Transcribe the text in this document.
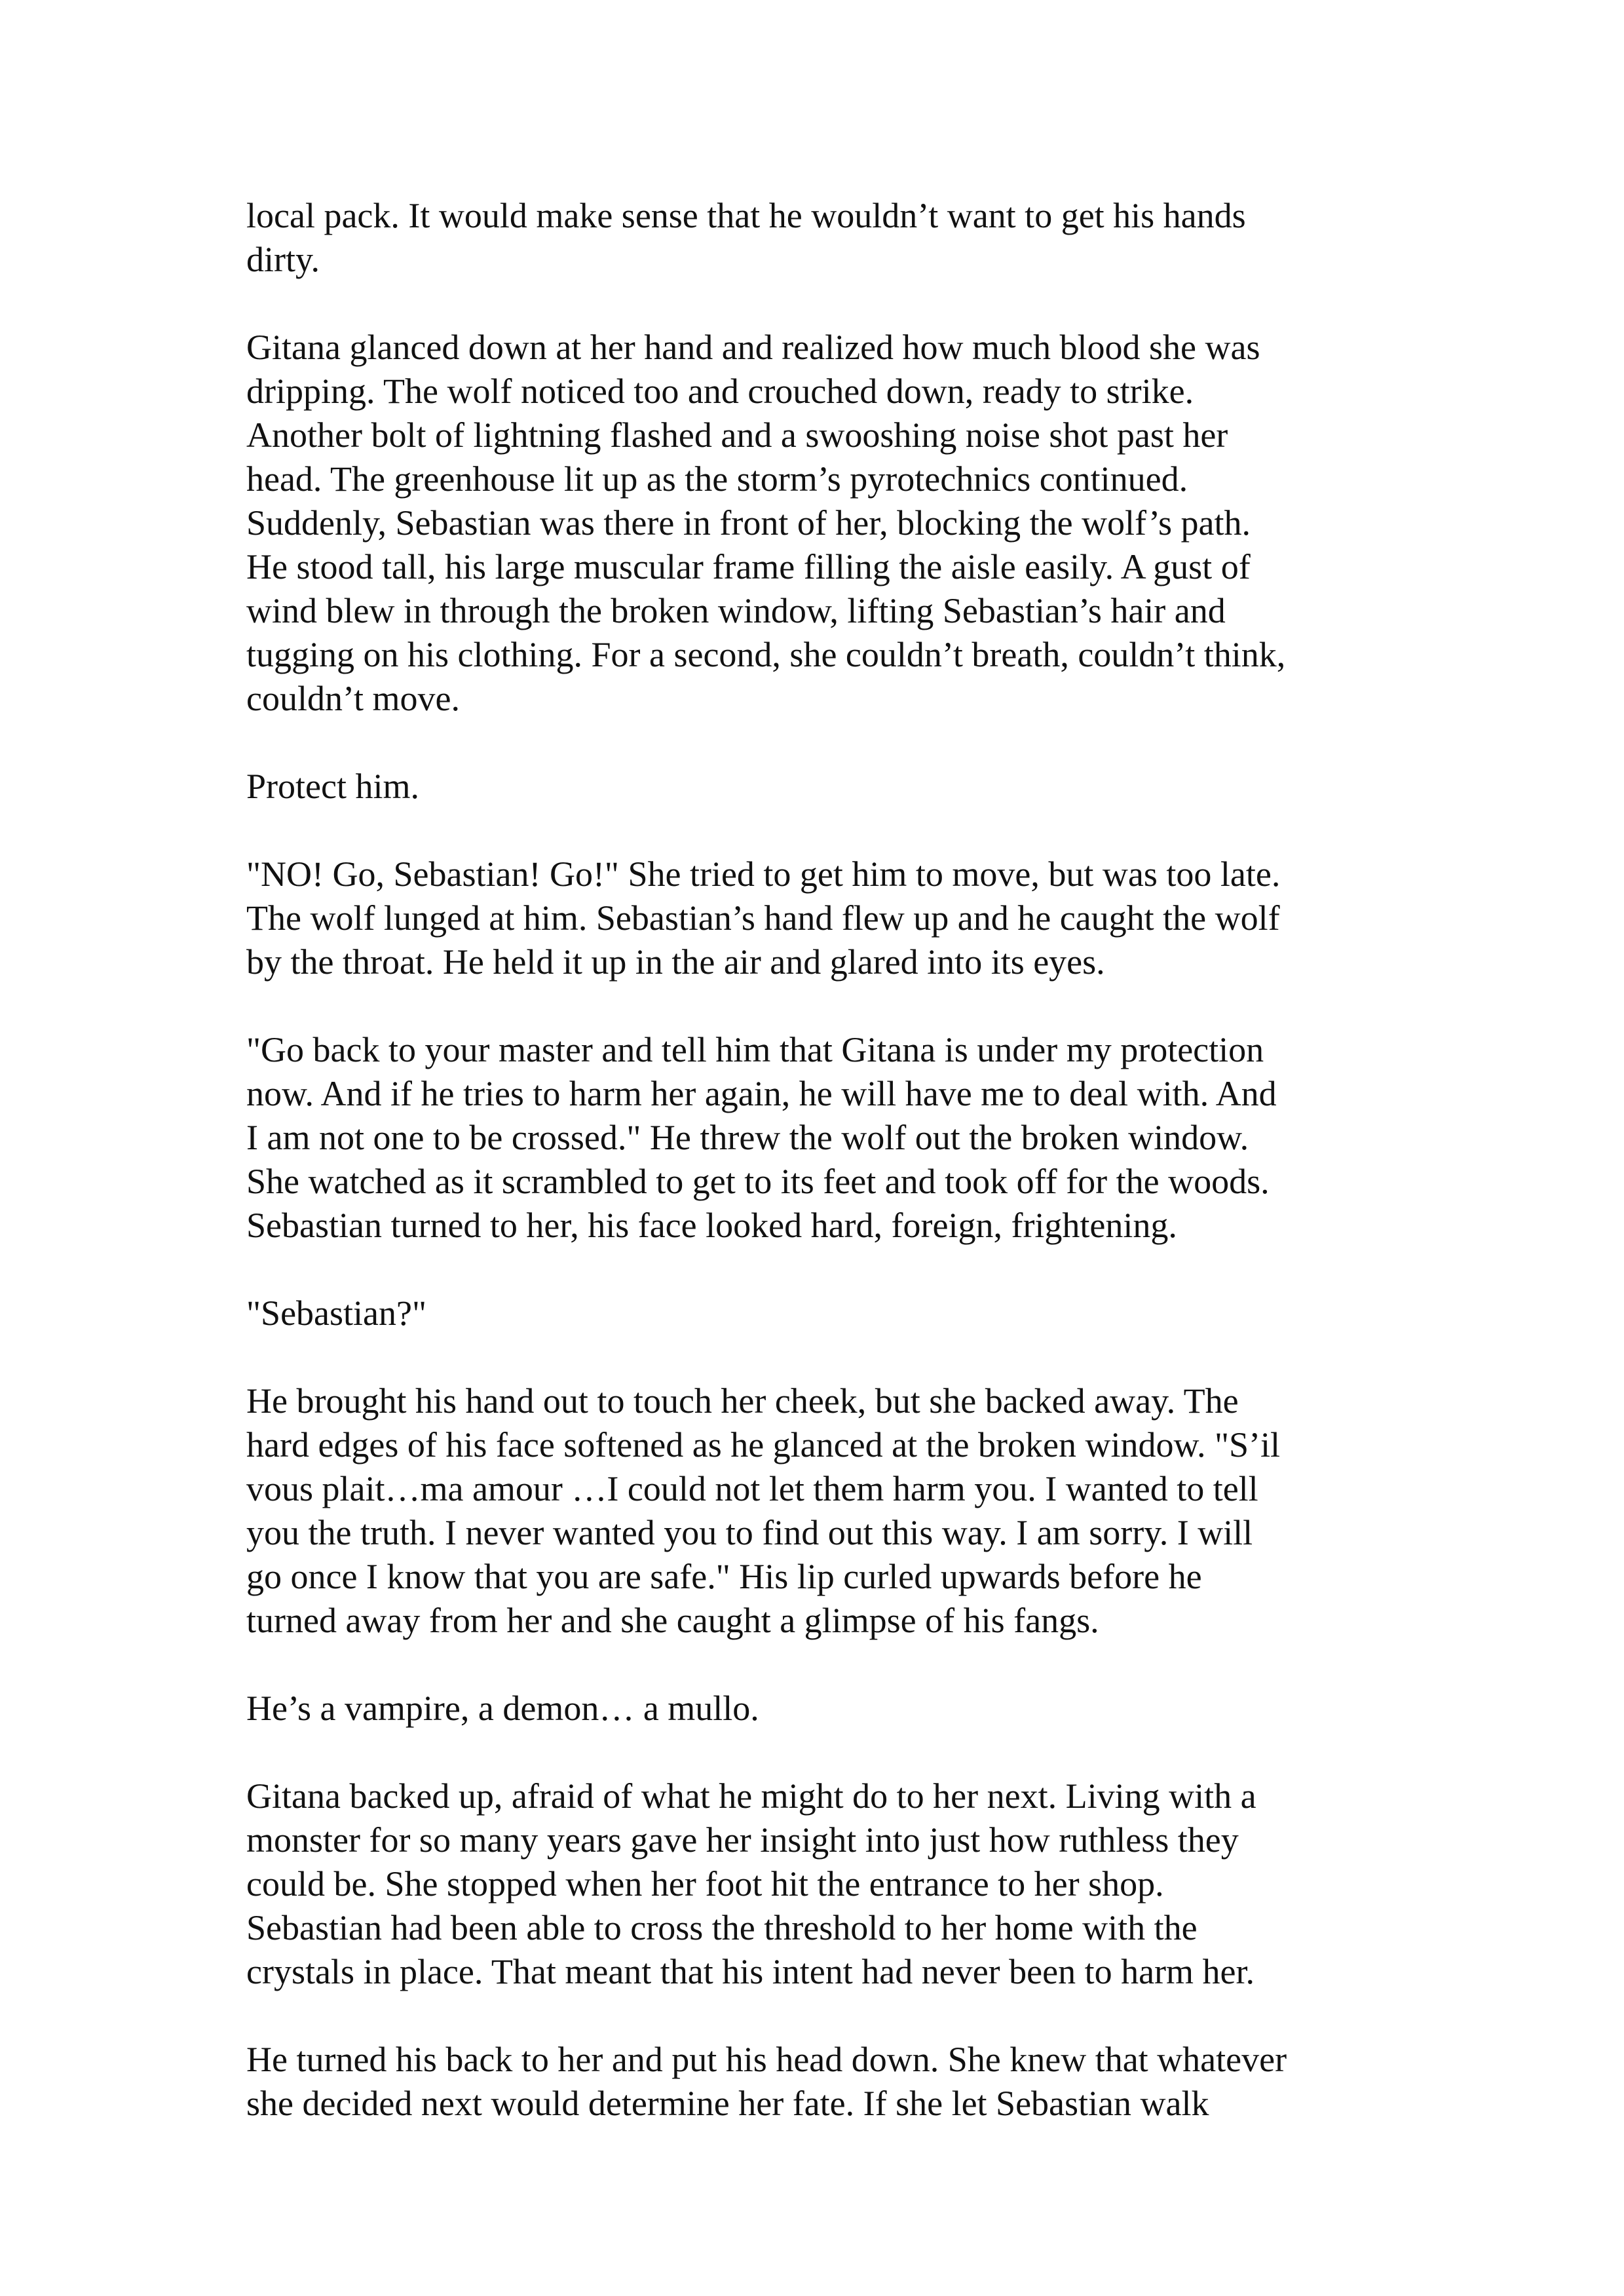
local pack. It would make sense that he wouldn’t want to get his hands
dirty.

Gitana glanced down at her hand and realized how much blood she was
dripping. The wolf noticed too and crouched down, ready to strike.
Another bolt of lightning flashed and a swooshing noise shot past her
head. The greenhouse lit up as the storm’s pyrotechnics continued.
Suddenly, Sebastian was there in front of her, blocking the wolf’s path.
He stood tall, his large muscular frame filling the aisle easily. A gust of
wind blew in through the broken window, lifting Sebastian’s hair and
tugging on his clothing. For a second, she couldn’t breath, couldn’t think,
couldn’t move.

Protect him.

"NO! Go, Sebastian! Go!" She tried to get him to move, but was too late.
The wolf lunged at him. Sebastian’s hand flew up and he caught the wolf
by the throat. He held it up in the air and glared into its eyes.

"Go back to your master and tell him that Gitana is under my protection
now. And if he tries to harm her again, he will have me to deal with. And
I am not one to be crossed." He threw the wolf out the broken window.
She watched as it scrambled to get to its feet and took off for the woods.
Sebastian turned to her, his face looked hard, foreign, frightening.

"Sebastian?"

He brought his hand out to touch her cheek, but she backed away. The
hard edges of his face softened as he glanced at the broken window. "S’il
vous plait…ma amour …I could not let them harm you. I wanted to tell
you the truth. I never wanted you to find out this way. I am sorry. I will
go once I know that you are safe." His lip curled upwards before he
turned away from her and she caught a glimpse of his fangs.

He’s a vampire, a demon… a mullo.

Gitana backed up, afraid of what he might do to her next. Living with a
monster for so many years gave her insight into just how ruthless they
could be. She stopped when her foot hit the entrance to her shop.
Sebastian had been able to cross the threshold to her home with the
crystals in place. That meant that his intent had never been to harm her.

He turned his back to her and put his head down. She knew that whatever
she decided next would determine her fate. If she let Sebastian walk
